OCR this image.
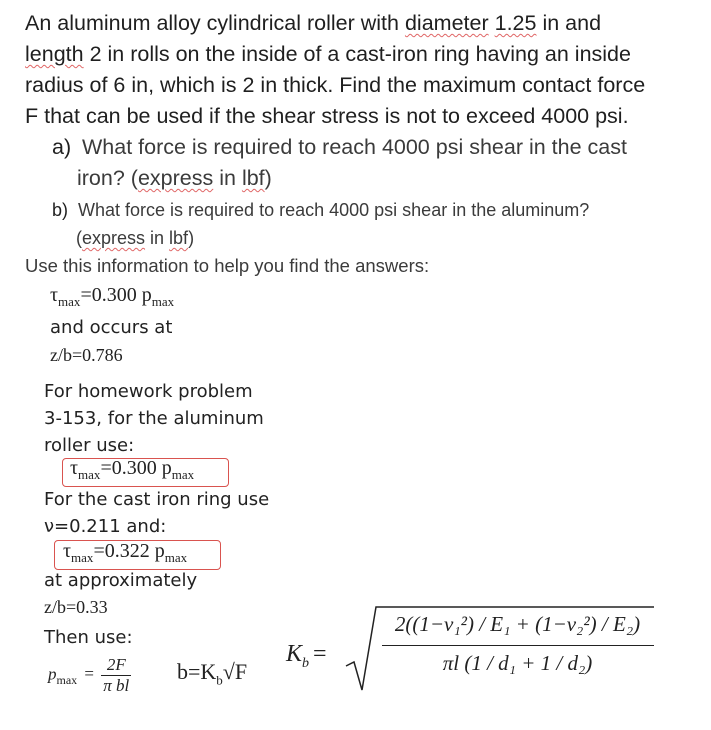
An aluminum alloy cylindrical roller with diameter 1.25 in and
length 2 in rolls on the inside of a cast-iron ring having an inside
radius of 6 in, which is 2 in thick. Find the maximum contact force
F that can be used if the shear stress is not to exceed 4000 psi.
a) What force is required to reach 4000 psi shear in the cast
iron? (express in lbf)
b) What force is required to reach 4000 psi shear in the aluminum?
(express in lbf)
Use this information to help you find the answers:
$\tau_{max}=0.300$ $p_{max}$
and occurs at
z/b=0.786
For homework problem
3-153, for the aluminum
roller use:
$\tau_{max}=0.300$ $p_{max}$
For the cast iron ring use
ν=0.211 and:
$\tau_{max}=0.322$ $p_{max}$
at approximately
z/b=0.33
Then use:
$p_{max} = \frac{2F}{\text{π bl}} b=K_b√F$
$K_b$ =
2((1−ν₁²) / E₁ + (1−ν₂²) / E₂)
πl (1 / d₁ + 1 / d₂)
